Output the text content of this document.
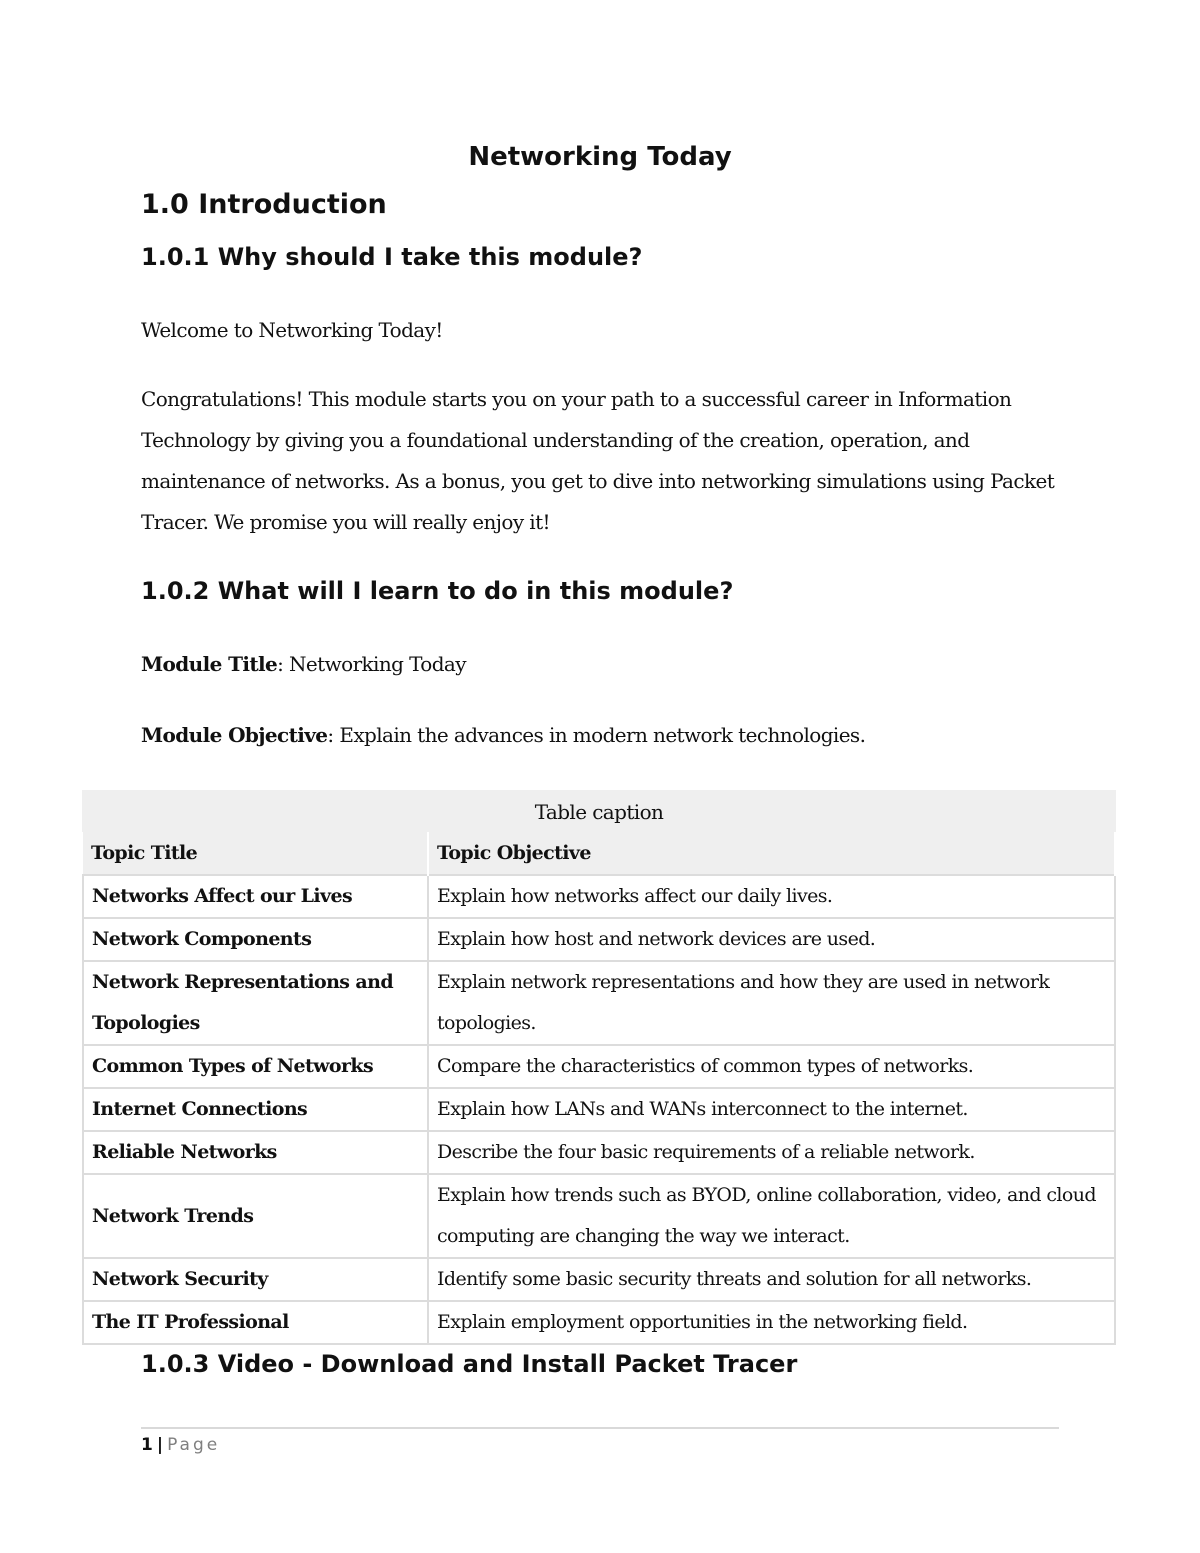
Networking Today
1.0 Introduction
1.0.1 Why should I take this module?
Welcome to Networking Today!
Congratulations! This module starts you on your path to a successful career in Information Technology by giving you a foundational understanding of the creation, operation, and maintenance of networks. As a bonus, you get to dive into networking simulations using Packet Tracer. We promise you will really enjoy it!
1.0.2 What will I learn to do in this module?
Module Title: Networking Today
Module Objective: Explain the advances in modern network technologies.
Table caption
Topic Title	Topic Objective
Networks Affect our Lives	Explain how networks affect our daily lives.
Network Components	Explain how host and network devices are used.
Network Representations and Topologies	Explain network representations and how they are used in network topologies.
Common Types of Networks	Compare the characteristics of common types of networks.
Internet Connections	Explain how LANs and WANs interconnect to the internet.
Reliable Networks	Describe the four basic requirements of a reliable network.
Network Trends	Explain how trends such as BYOD, online collaboration, video, and cloud computing are changing the way we interact.
Network Security	Identify some basic security threats and solution for all networks.
The IT Professional	Explain employment opportunities in the networking field.
1.0.3 Video - Download and Install Packet Tracer
1 | Page
